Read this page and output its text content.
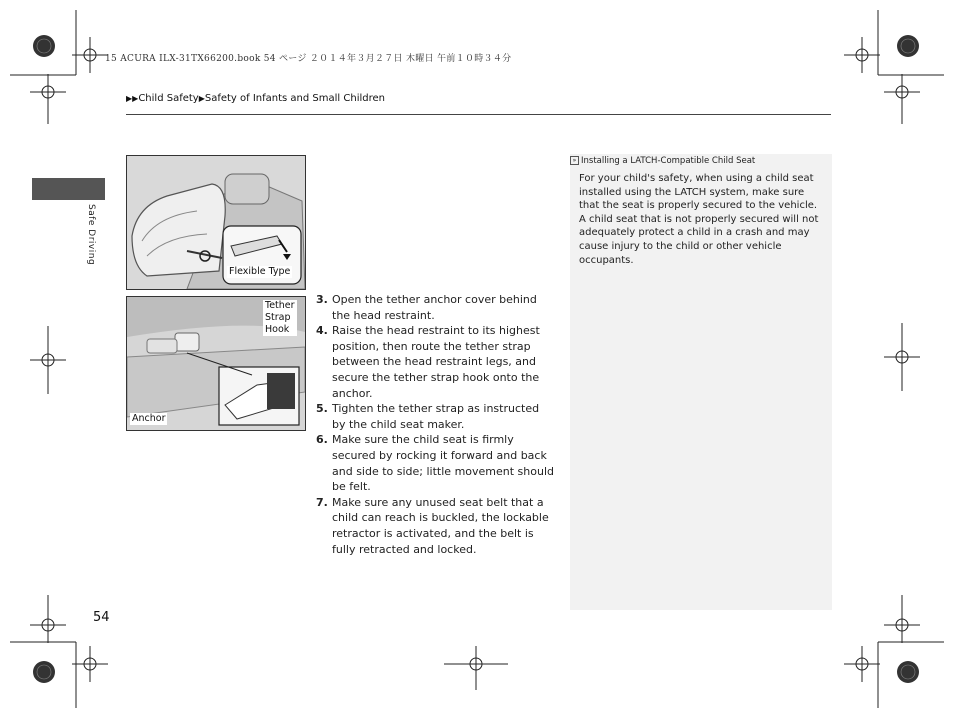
15 ACURA ILX-31TX66200.book 54 ページ ２０１４年３月２７日 木曜日 午前１０時３４分
▶▶Child Safety▶Safety of Infants and Small Children
Safe Driving
Flexible Type
Tether
Strap
Hook
Anchor

3. Open the tether anchor cover behind the head restraint.

4. Raise the head restraint to its highest position, then route the tether strap between the head restraint legs, and secure the tether strap hook onto the anchor.

5. Tighten the tether strap as instructed by the child seat maker.

6. Make sure the child seat is firmly secured by rocking it forward and back and side to side; little movement should be felt.

7. Make sure any unused seat belt that a child can reach is buckled, the lockable retractor is activated, and the belt is fully retracted and locked.

» Installing a LATCH-Compatible Child Seat
For your child's safety, when using a child seat installed using the LATCH system, make sure that the seat is properly secured to the vehicle. A child seat that is not properly secured will not adequately protect a child in a crash and may cause injury to the child or other vehicle occupants.
54
